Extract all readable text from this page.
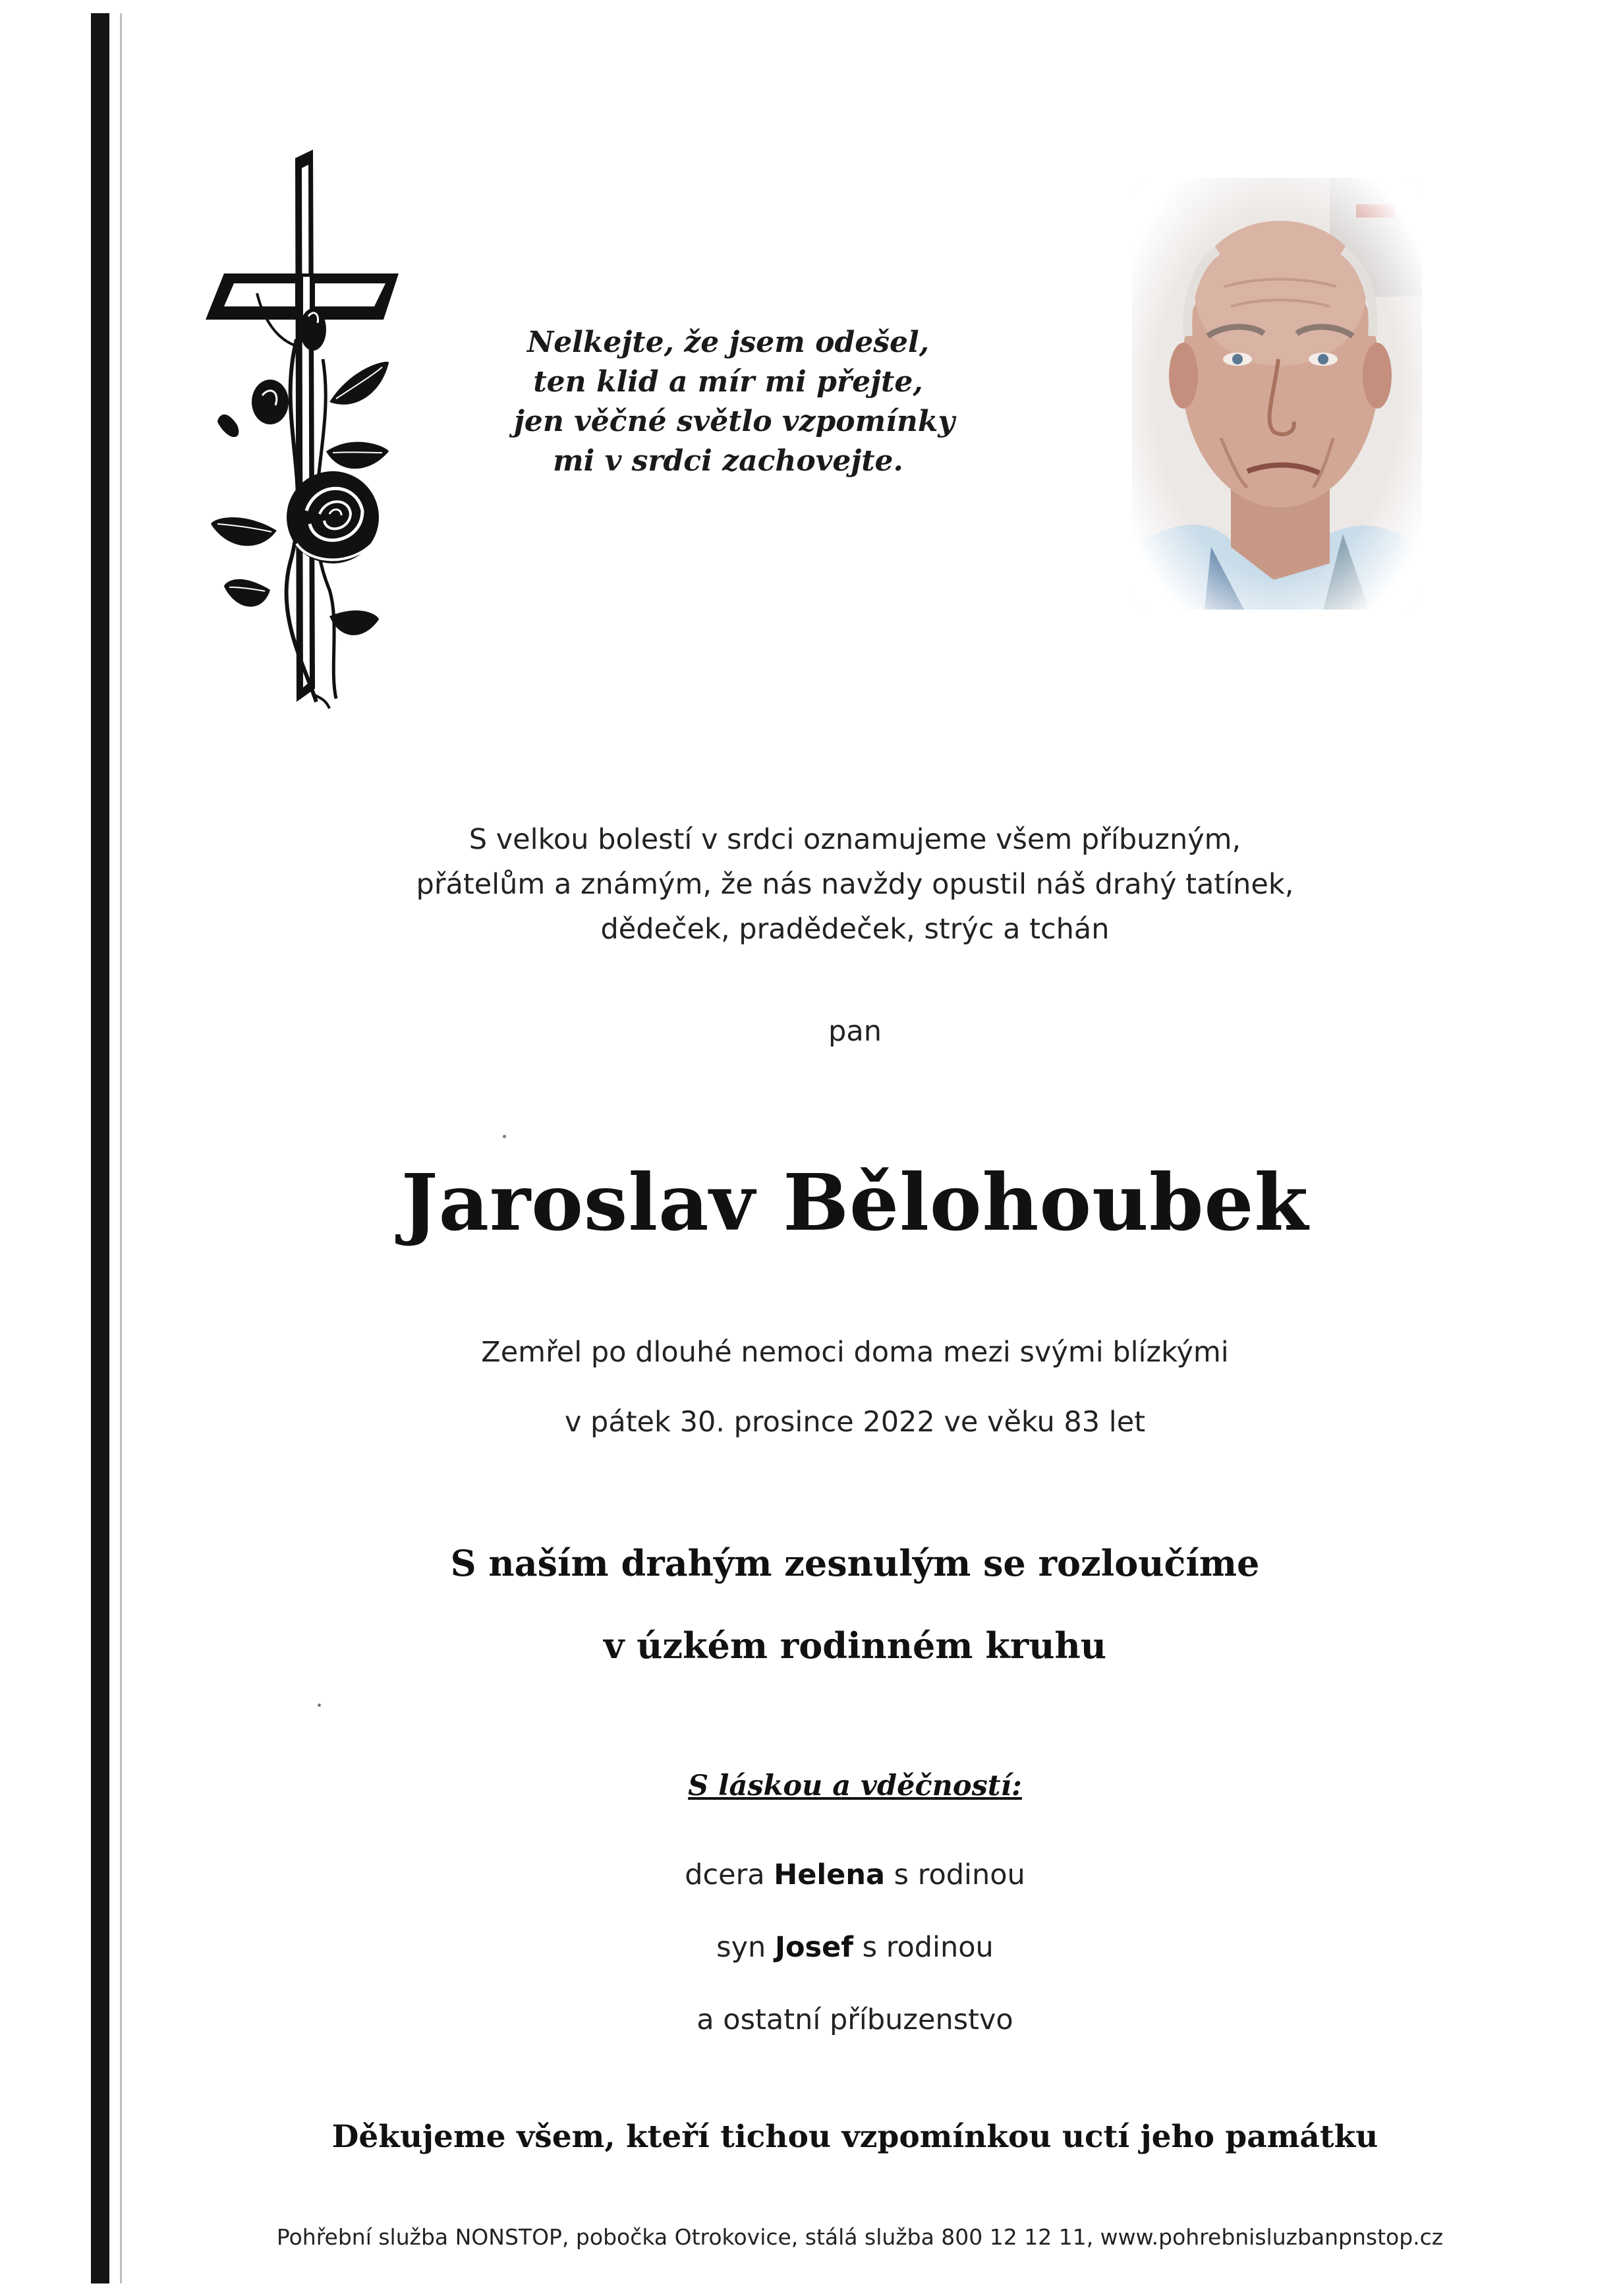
Nelkejte, že jsem odešel,
ten klid a mír mi přejte,
jen věčné světlo vzpomínky
mi v srdci zachovejte.
S velkou bolestí v srdci oznamujeme všem příbuzným,
přátelům a známým, že nás navždy opustil náš drahý tatínek,
dědeček, pradědeček, strýc a tchán
pan
Jaroslav Bělohoubek
Zemřel po dlouhé nemoci doma mezi svými blízkými
v pátek 30. prosince 2022 ve věku 83 let
S naším drahým zesnulým se rozloučíme
v úzkém rodinném kruhu
S láskou a vděčností:
dcera Helena s rodinou
syn Josef s rodinou
a ostatní příbuzenstvo
Děkujeme všem, kteří tichou vzpomínkou uctí jeho památku
Pohřební služba NONSTOP, pobočka Otrokovice, stálá služba 800 12 12 11, www.pohrebnisluzbanpnstop.cz
